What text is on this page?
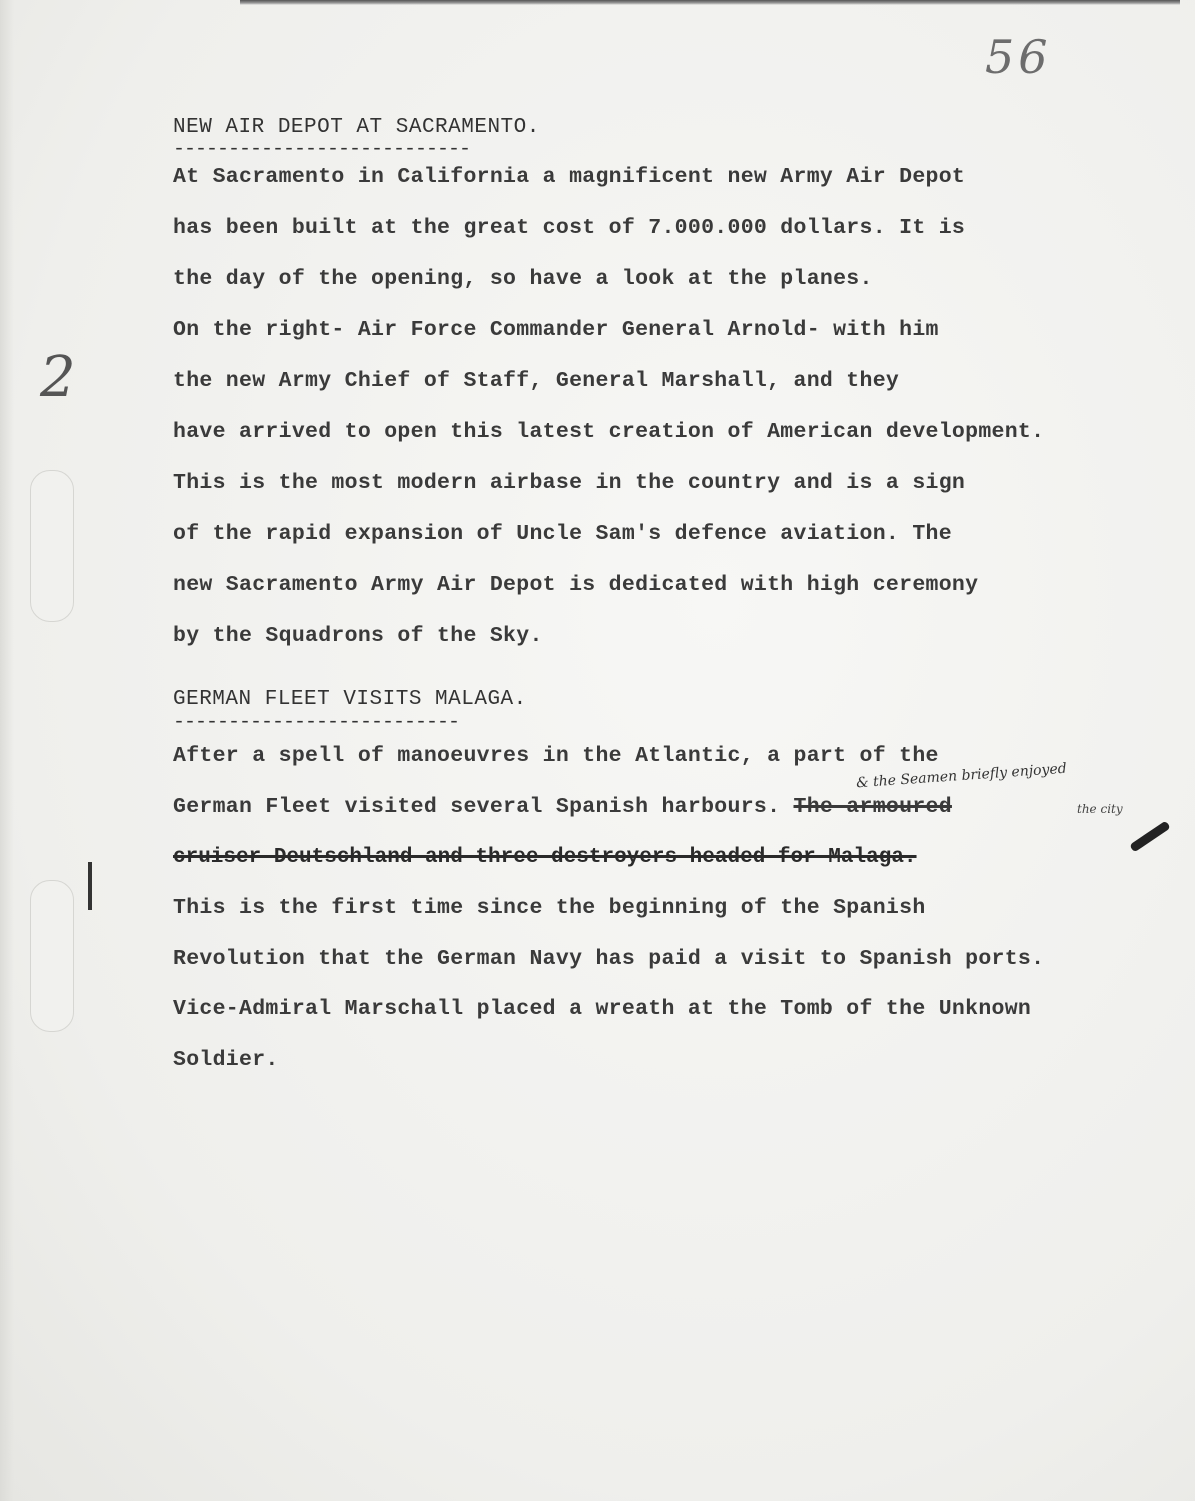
56
2
NEW AIR DEPOT AT SACRAMENTO.
---------------------------
At Sacramento in California a magnificent new Army Air Depot
has been built at the great cost of 7.000.000 dollars. It is
the day of the opening, so have a look at the planes.
On the right- Air Force Commander General Arnold- with him
the new Army Chief of Staff, General Marshall, and they
have arrived to open this latest creation of American development.
This is the most modern airbase in the country and is a sign
of the rapid expansion of Uncle Sam's defence aviation. The
new Sacramento Army Air Depot is dedicated with high ceremony
by the Squadrons of the Sky.
GERMAN FLEET VISITS MALAGA.
--------------------------
After a spell of manoeuvres in the Atlantic, a part of the
& the Seamen briefly enjoyed
German Fleet visited several Spanish harbours. The armoured	the city
cruiser Deutschland and three destroyers headed for Malaga.
This is the first time since the beginning of the Spanish
Revolution that the German Navy has paid a visit to Spanish ports.
Vice-Admiral Marschall placed a wreath at the Tomb of the Unknown
Soldier.
